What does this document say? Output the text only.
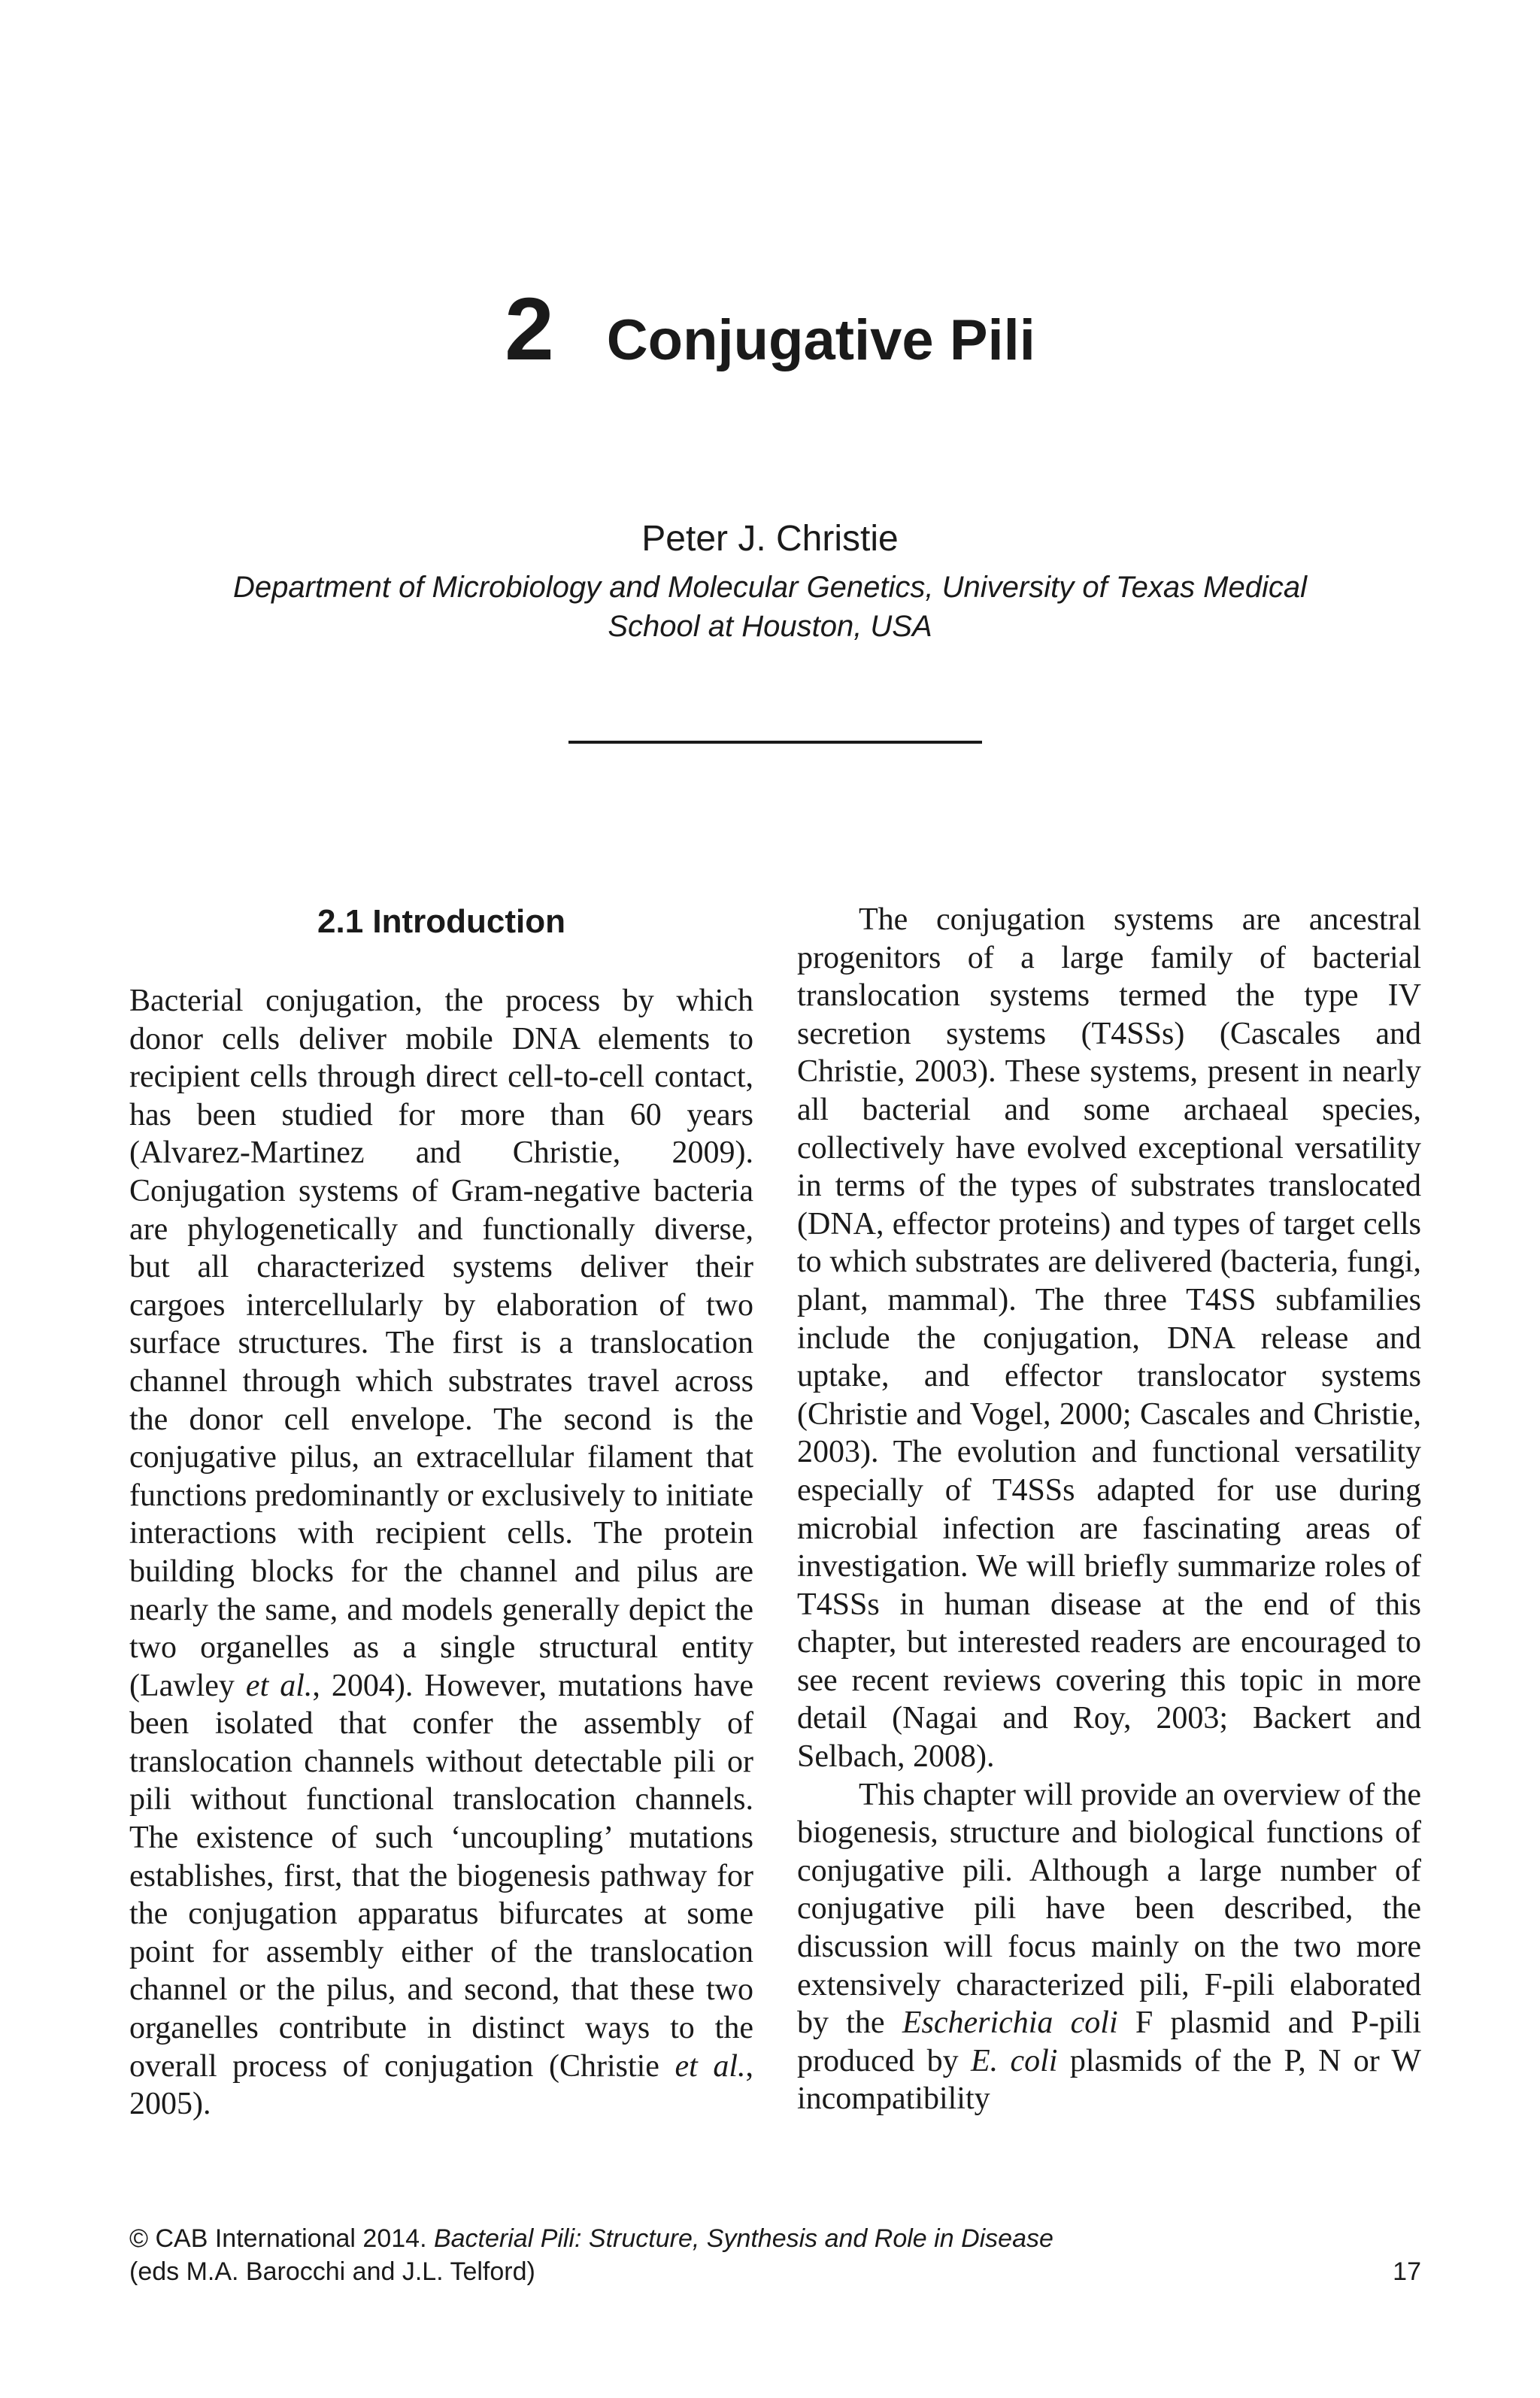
2 Conjugative Pili

Peter J. Christie

Department of Microbiology and Molecular Genetics, University of Texas Medical
School at Houston, USA

2.1 Introduction

Bacterial conjugation, the process by which donor cells deliver mobile DNA elements to recipient cells through direct cell-to-cell contact, has been studied for more than 60 years (Alvarez-Martinez and Christie, 2009). Conjugation systems of Gram-negative bacteria are phylogenetically and functionally diverse, but all characterized systems deliver their cargoes intercellularly by elaboration of two surface structures. The first is a translocation channel through which substrates travel across the donor cell envelope. The second is the conjugative pilus, an extracellular filament that functions predominantly or exclusively to initiate interactions with recipient cells. The protein building blocks for the channel and pilus are nearly the same, and models generally depict the two organelles as a single structural entity (Lawley et al., 2004). However, mutations have been isolated that confer the assembly of translocation channels without detectable pili or pili without functional translocation channels. The existence of such ‘uncoupling’ mutations establishes, first, that the biogenesis pathway for the conjugation apparatus bifurcates at some point for assembly either of the translocation channel or the pilus, and second, that these two organelles contribute in distinct ways to the overall process of conjugation (Christie et al., 2005).

The conjugation systems are ancestral progenitors of a large family of bacterial translocation systems termed the type IV secretion systems (T4SSs) (Cascales and Christie, 2003). These systems, present in nearly all bacterial and some archaeal species, collectively have evolved exceptional versatility in terms of the types of substrates translocated (DNA, effector proteins) and types of target cells to which substrates are delivered (bacteria, fungi, plant, mammal). The three T4SS subfamilies include the conjugation, DNA release and uptake, and effector translocator systems (Christie and Vogel, 2000; Cascales and Christie, 2003). The evolution and functional versatility especially of T4SSs adapted for use during microbial infection are fascinating areas of investigation. We will briefly summarize roles of T4SSs in human disease at the end of this chapter, but interested readers are encouraged to see recent reviews covering this topic in more detail (Nagai and Roy, 2003; Backert and Selbach, 2008).

This chapter will provide an overview of the biogenesis, structure and biological functions of conjugative pili. Although a large number of conjugative pili have been described, the discussion will focus mainly on the two more extensively characterized pili, F-pili elaborated by the Escherichia coli F plasmid and P-pili produced by E. coli plasmids of the P, N or W incompatibility

© CAB International 2014. Bacterial Pili: Structure, Synthesis and Role in Disease
(eds M.A. Barocchi and J.L. Telford)	17
